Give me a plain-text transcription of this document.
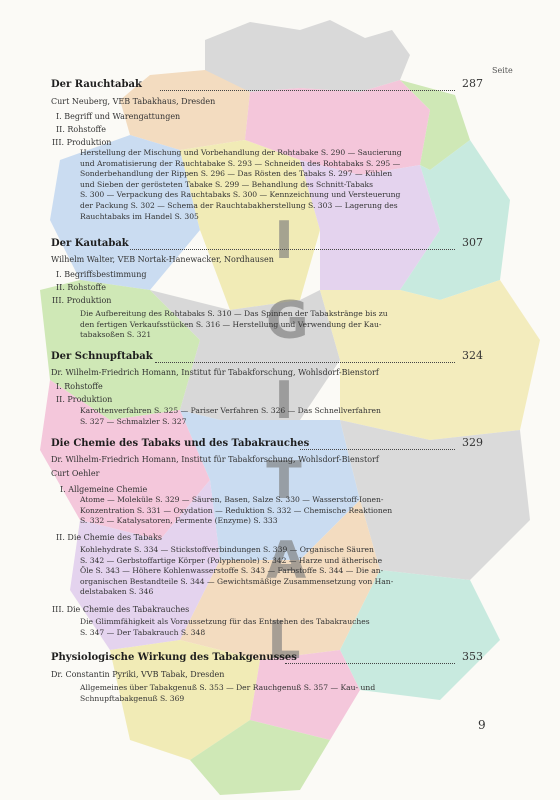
I
G
I
T
A
L
Seite
Der Rauchtabak	287
Curt Neuberg, VEB Tabakhaus, Dresden
I. Begriff und Warengattungen
II. Rohstoffe
III. Produktion
Herstellung der Mischung und Vorbehandlung der Rohtabake S. 290 — Saucierung
und Aromatisierung der Rauchtabake S. 293 — Schneiden des Rohtabaks S. 295 —
Sonderbehandlung der Rippen S. 296 — Das Rösten des Tabaks S. 297 — Kühlen
und Sieben der gerösteten Tabake S. 299 — Behandlung des Schnitt-Tabaks
S. 300 — Verpackung des Rauchtabaks S. 300 — Kennzeichnung und Versteuerung
der Packung S. 302 — Schema der Rauchtabakherstellung S. 303 — Lagerung des
Rauchtabaks im Handel S. 305
Der Kautabak	307
Wilhelm Walter, VEB Nortak-Hanewacker, Nordhausen
I. Begriffsbestimmung
II. Rohstoffe
III. Produktion
Die Aufbereitung des Rohtabaks S. 310 — Das Spinnen der Tabakstränge bis zu
den fertigen Verkaufsstücken S. 316 — Herstellung und Verwendung der Kau-
tabaksoßen S. 321
Der Schnupftabak	324
Dr. Wilhelm-Friedrich Homann, Institut für Tabakforschung, Wohlsdorf-Bienstorf
I. Rohstoffe
II. Produktion
Karottenverfahren S. 325 — Pariser Verfahren S. 326 — Das Schnellverfahren
S. 327 — Schmalzler S. 327
Die Chemie des Tabaks und des Tabakrauches	329
Dr. Wilhelm-Friedrich Homann, Institut für Tabakforschung, Wohlsdorf-Bienstorf
Curt Oehler
I. Allgemeine Chemie
Atome — Moleküle S. 329 — Säuren, Basen, Salze S. 330 — Wasserstoff-Ionen-
Konzentration S. 331 — Oxydation — Reduktion S. 332 — Chemische Reaktionen
S. 332 — Katalysatoren, Fermente (Enzyme) S. 333
II. Die Chemie des Tabaks
Kohlehydrate S. 334 — Stickstoffverbindungen S. 339 — Organische Säuren
S. 342 — Gerbstoffartige Körper (Polyphenole) S. 342 — Harze und ätherische
Öle S. 343 — Höhere Kohlenwasserstoffe S. 343 — Farbstoffe S. 344 — Die an-
organischen Bestandteile S. 344 — Gewichtsmäßige Zusammensetzung von Han-
delstabaken S. 346
III. Die Chemie des Tabakrauches
Die Glimmfähigkeit als Voraussetzung für das Entstehen des Tabakrauches
S. 347 — Der Tabakrauch S. 348
Physiologische Wirkung des Tabakgenusses	353
Dr. Constantin Pyriki, VVB Tabak, Dresden
Allgemeines über Tabakgenuß S. 353 — Der Rauchgenuß S. 357 — Kau- und
Schnupftabakgenuß S. 369
9
